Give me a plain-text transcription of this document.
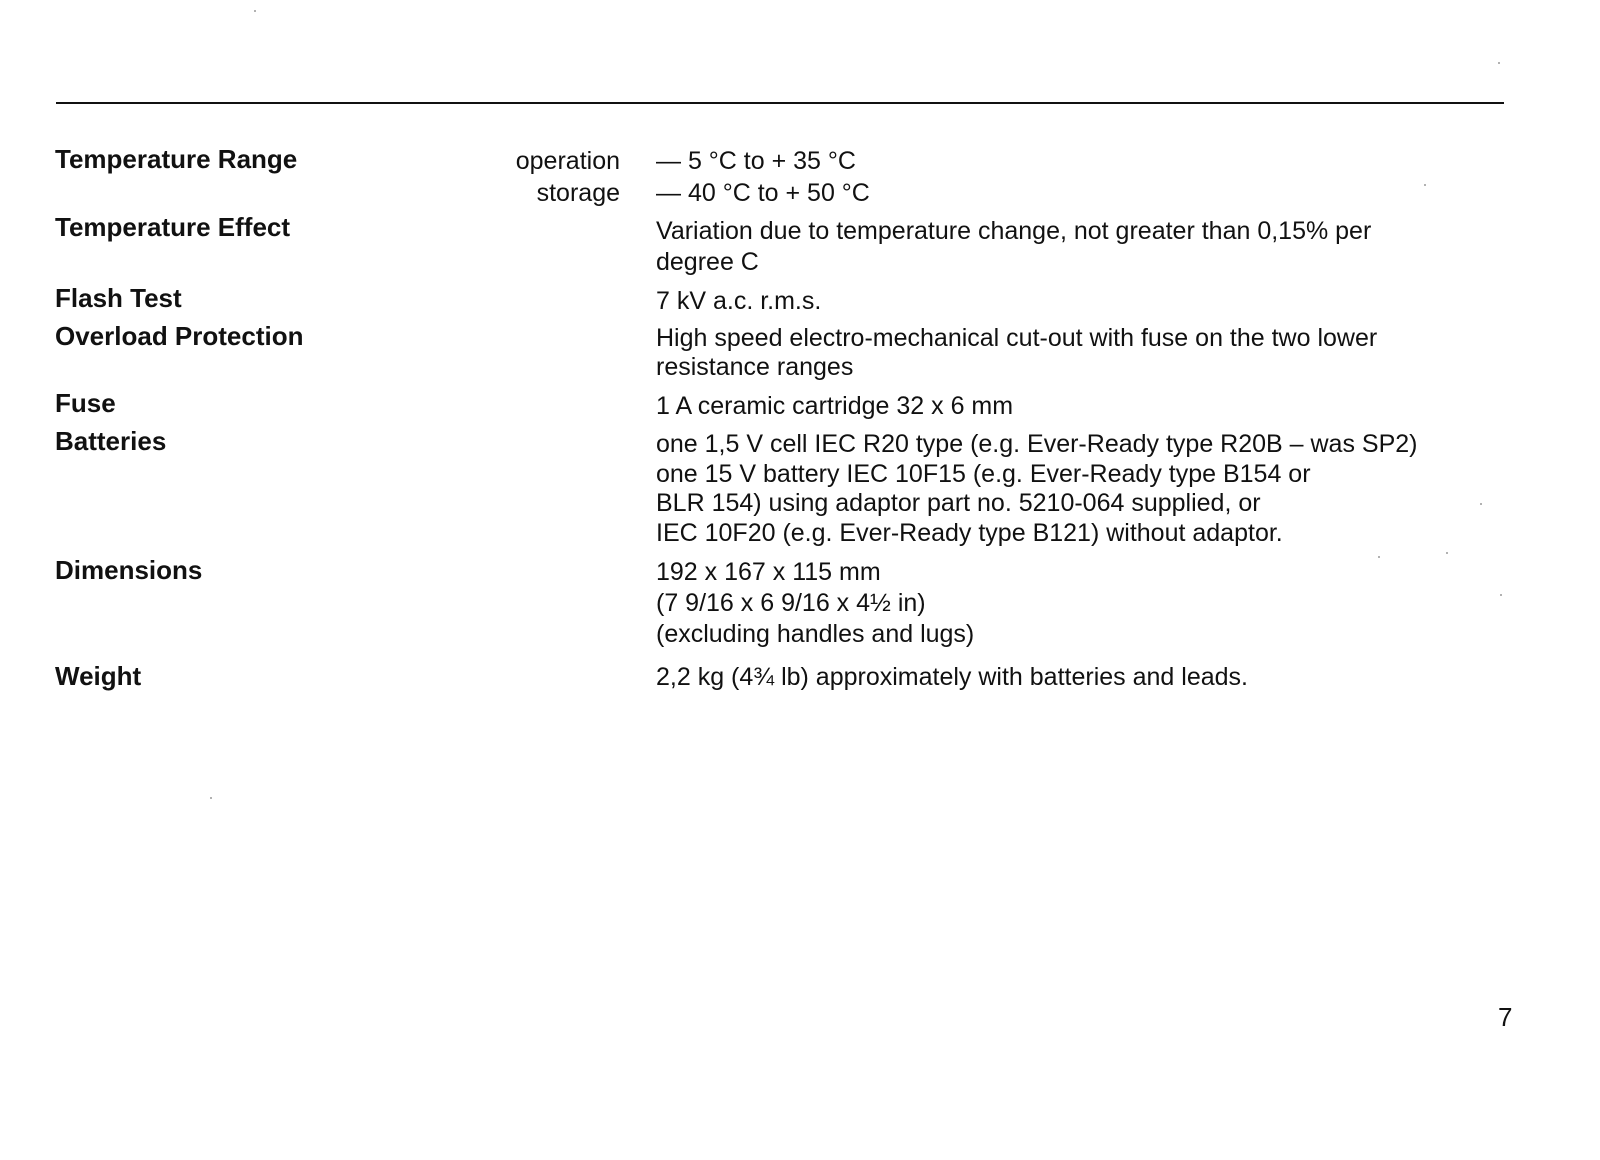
Temperature Range	operation — 5 °C to + 35 °C
storage — 40 °C to + 50 °C
Temperature Effect	Variation due to temperature change, not greater than 0,15% per
degree C
Flash Test	7 kV a.c. r.m.s.
Overload Protection	High speed electro-mechanical cut-out with fuse on the two lower
resistance ranges
Fuse	1 A ceramic cartridge 32 x 6 mm
Batteries	one 1,5 V cell IEC R20 type (e.g. Ever-Ready type R20B – was SP2)
one 15 V battery IEC 10F15 (e.g. Ever-Ready type B154 or
BLR 154) using adaptor part no. 5210-064 supplied, or
IEC 10F20 (e.g. Ever-Ready type B121) without adaptor.
Dimensions	192 x 167 x 115 mm
(7 9/16 x 6 9/16 x 4½ in)
(excluding handles and lugs)
Weight	2,2 kg (4¾ lb) approximately with batteries and leads.
7
